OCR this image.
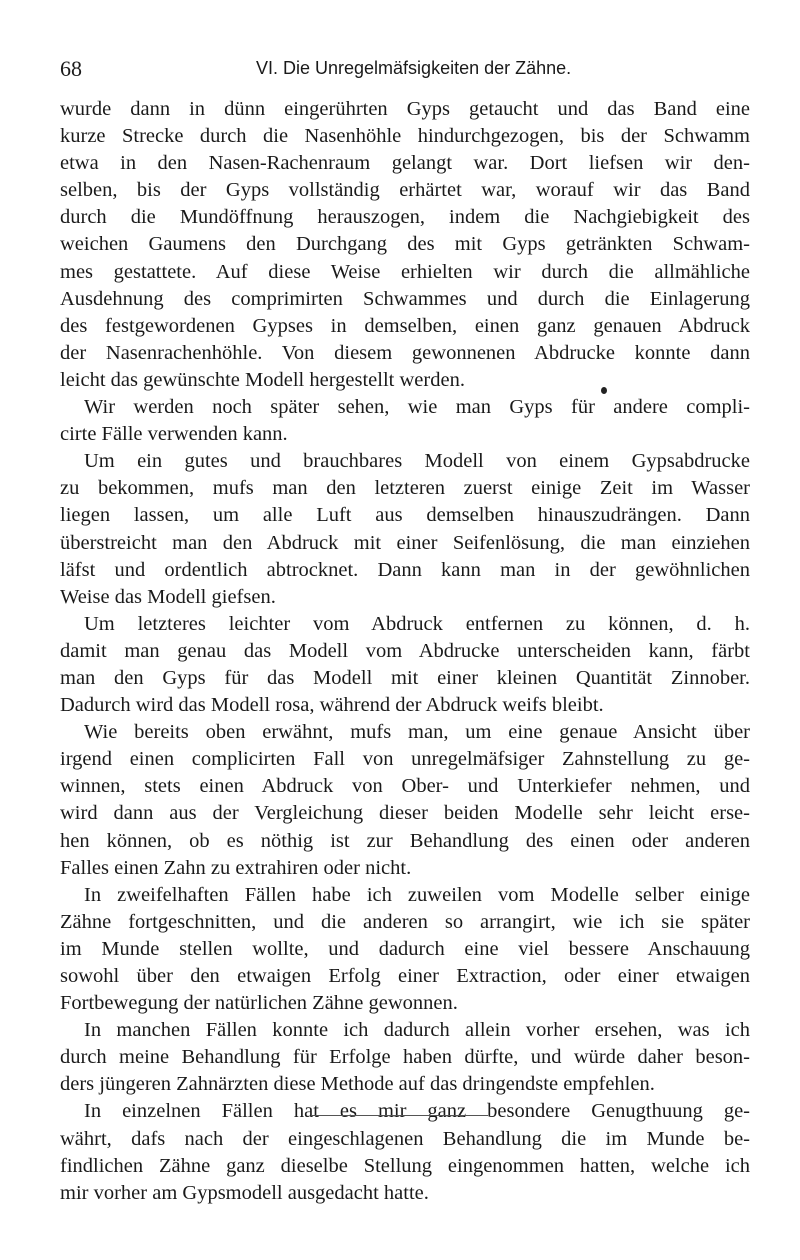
68	VI. Die Unregelmäfsigkeiten der Zähne.
wurde dann in dünn eingerührten Gyps getaucht und das Band eine
kurze Strecke durch die Nasenhöhle hindurchgezogen, bis der Schwamm
etwa in den Nasen-Rachenraum gelangt war. Dort liefsen wir den-
selben, bis der Gyps vollständig erhärtet war, worauf wir das Band
durch die Mundöffnung herauszogen, indem die Nachgiebigkeit des
weichen Gaumens den Durchgang des mit Gyps getränkten Schwam-
mes gestattete. Auf diese Weise erhielten wir durch die allmähliche
Ausdehnung des comprimirten Schwammes und durch die Einlagerung
des festgewordenen Gypses in demselben, einen ganz genauen Abdruck
der Nasenrachenhöhle. Von diesem gewonnenen Abdrucke konnte dann
leicht das gewünschte Modell hergestellt werden.
Wir werden noch später sehen, wie man Gyps für andere compli-
cirte Fälle verwenden kann.
Um ein gutes und brauchbares Modell von einem Gypsabdrucke
zu bekommen, mufs man den letzteren zuerst einige Zeit im Wasser
liegen lassen, um alle Luft aus demselben hinauszudrängen. Dann
überstreicht man den Abdruck mit einer Seifenlösung, die man einziehen
läfst und ordentlich abtrocknet. Dann kann man in der gewöhnlichen
Weise das Modell giefsen.
Um letzteres leichter vom Abdruck entfernen zu können, d. h.
damit man genau das Modell vom Abdrucke unterscheiden kann, färbt
man den Gyps für das Modell mit einer kleinen Quantität Zinnober.
Dadurch wird das Modell rosa, während der Abdruck weifs bleibt.
Wie bereits oben erwähnt, mufs man, um eine genaue Ansicht über
irgend einen complicirten Fall von unregelmäfsiger Zahnstellung zu ge-
winnen, stets einen Abdruck von Ober- und Unterkiefer nehmen, und
wird dann aus der Vergleichung dieser beiden Modelle sehr leicht erse-
hen können, ob es nöthig ist zur Behandlung des einen oder anderen
Falles einen Zahn zu extrahiren oder nicht.
In zweifelhaften Fällen habe ich zuweilen vom Modelle selber einige
Zähne fortgeschnitten, und die anderen so arrangirt, wie ich sie später
im Munde stellen wollte, und dadurch eine viel bessere Anschauung
sowohl über den etwaigen Erfolg einer Extraction, oder einer etwaigen
Fortbewegung der natürlichen Zähne gewonnen.
In manchen Fällen konnte ich dadurch allein vorher ersehen, was ich
durch meine Behandlung für Erfolge haben dürfte, und würde daher beson-
ders jüngeren Zahnärzten diese Methode auf das dringendste empfehlen.
In einzelnen Fällen hat es mir ganz besondere Genugthuung ge-
währt, dafs nach der eingeschlagenen Behandlung die im Munde be-
findlichen Zähne ganz dieselbe Stellung eingenommen hatten, welche ich
mir vorher am Gypsmodell ausgedacht hatte.
